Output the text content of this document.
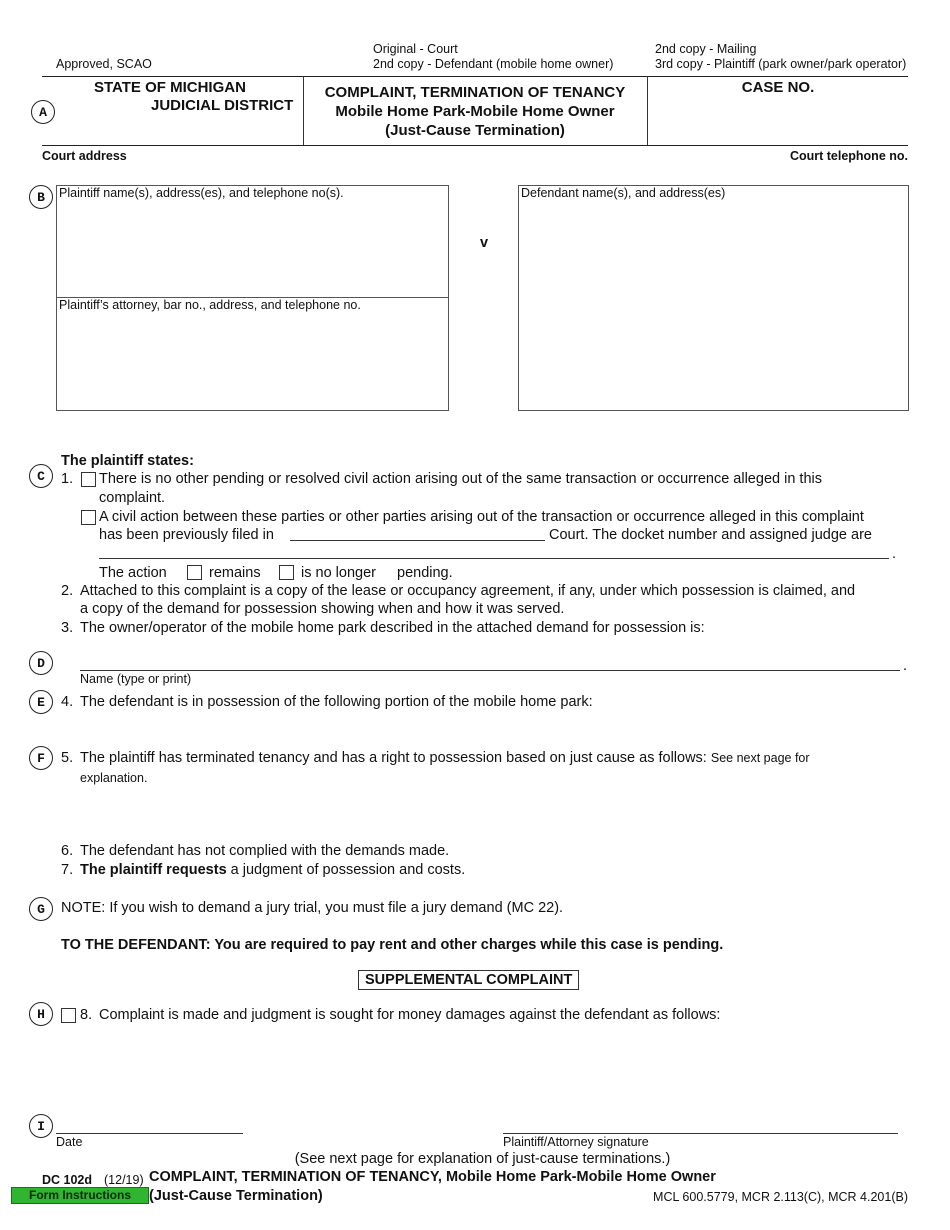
Approved, SCAO
Original - Court
2nd copy - Defendant (mobile home owner)
2nd copy - Mailing
3rd copy - Plaintiff (park owner/park operator)
A
STATE OF MICHIGAN
JUDICIAL DISTRICT
COMPLAINT, TERMINATION OF TENANCY
Mobile Home Park-Mobile Home Owner
(Just-Cause Termination)
CASE NO.
Court address	Court telephone no.
B	Plaintiff name(s), address(es), and telephone no(s).
Plaintiff’s attorney, bar no., address, and telephone no.
v
Defendant name(s), and address(es)
The plaintiff states:
C	1. There is no other pending or resolved civil action arising out of the same transaction or occurrence alleged in this
complaint.
A civil action between these parties or other parties arising out of the transaction or occurrence alleged in this complaint
has been previously filed in	Court. The docket number and assigned judge are
.
The action	remains	is no longer pending.
2. Attached to this complaint is a copy of the lease or occupancy agreement, if any, under which possession is claimed, and
a copy of the demand for possession showing when and how it was served.
3. The owner/operator of the mobile home park described in the attached demand for possession is:
D	.
Name (type or print)
E	4. The defendant is in possession of the following portion of the mobile home park:
F	5. The plaintiff has terminated tenancy and has a right to possession based on just cause as follows: See next page for
explanation.
6. The defendant has not complied with the demands made.
7. The plaintiff requests a judgment of possession and costs.
G	NOTE: If you wish to demand a jury trial, you must file a jury demand (MC 22).
TO THE DEFENDANT: You are required to pay rent and other charges while this case is pending.
SUPPLEMENTAL COMPLAINT
H	8. Complaint is made and judgment is sought for money damages against the defendant as follows:
I
Date	Plaintiff/Attorney signature
(See next page for explanation of just-cause terminations.)
DC 102d (12/19) COMPLAINT, TERMINATION OF TENANCY, Mobile Home Park-Mobile Home Owner
Form Instructions	(Just-Cause Termination)	MCL 600.5779, MCR 2.113(C), MCR 4.201(B)
